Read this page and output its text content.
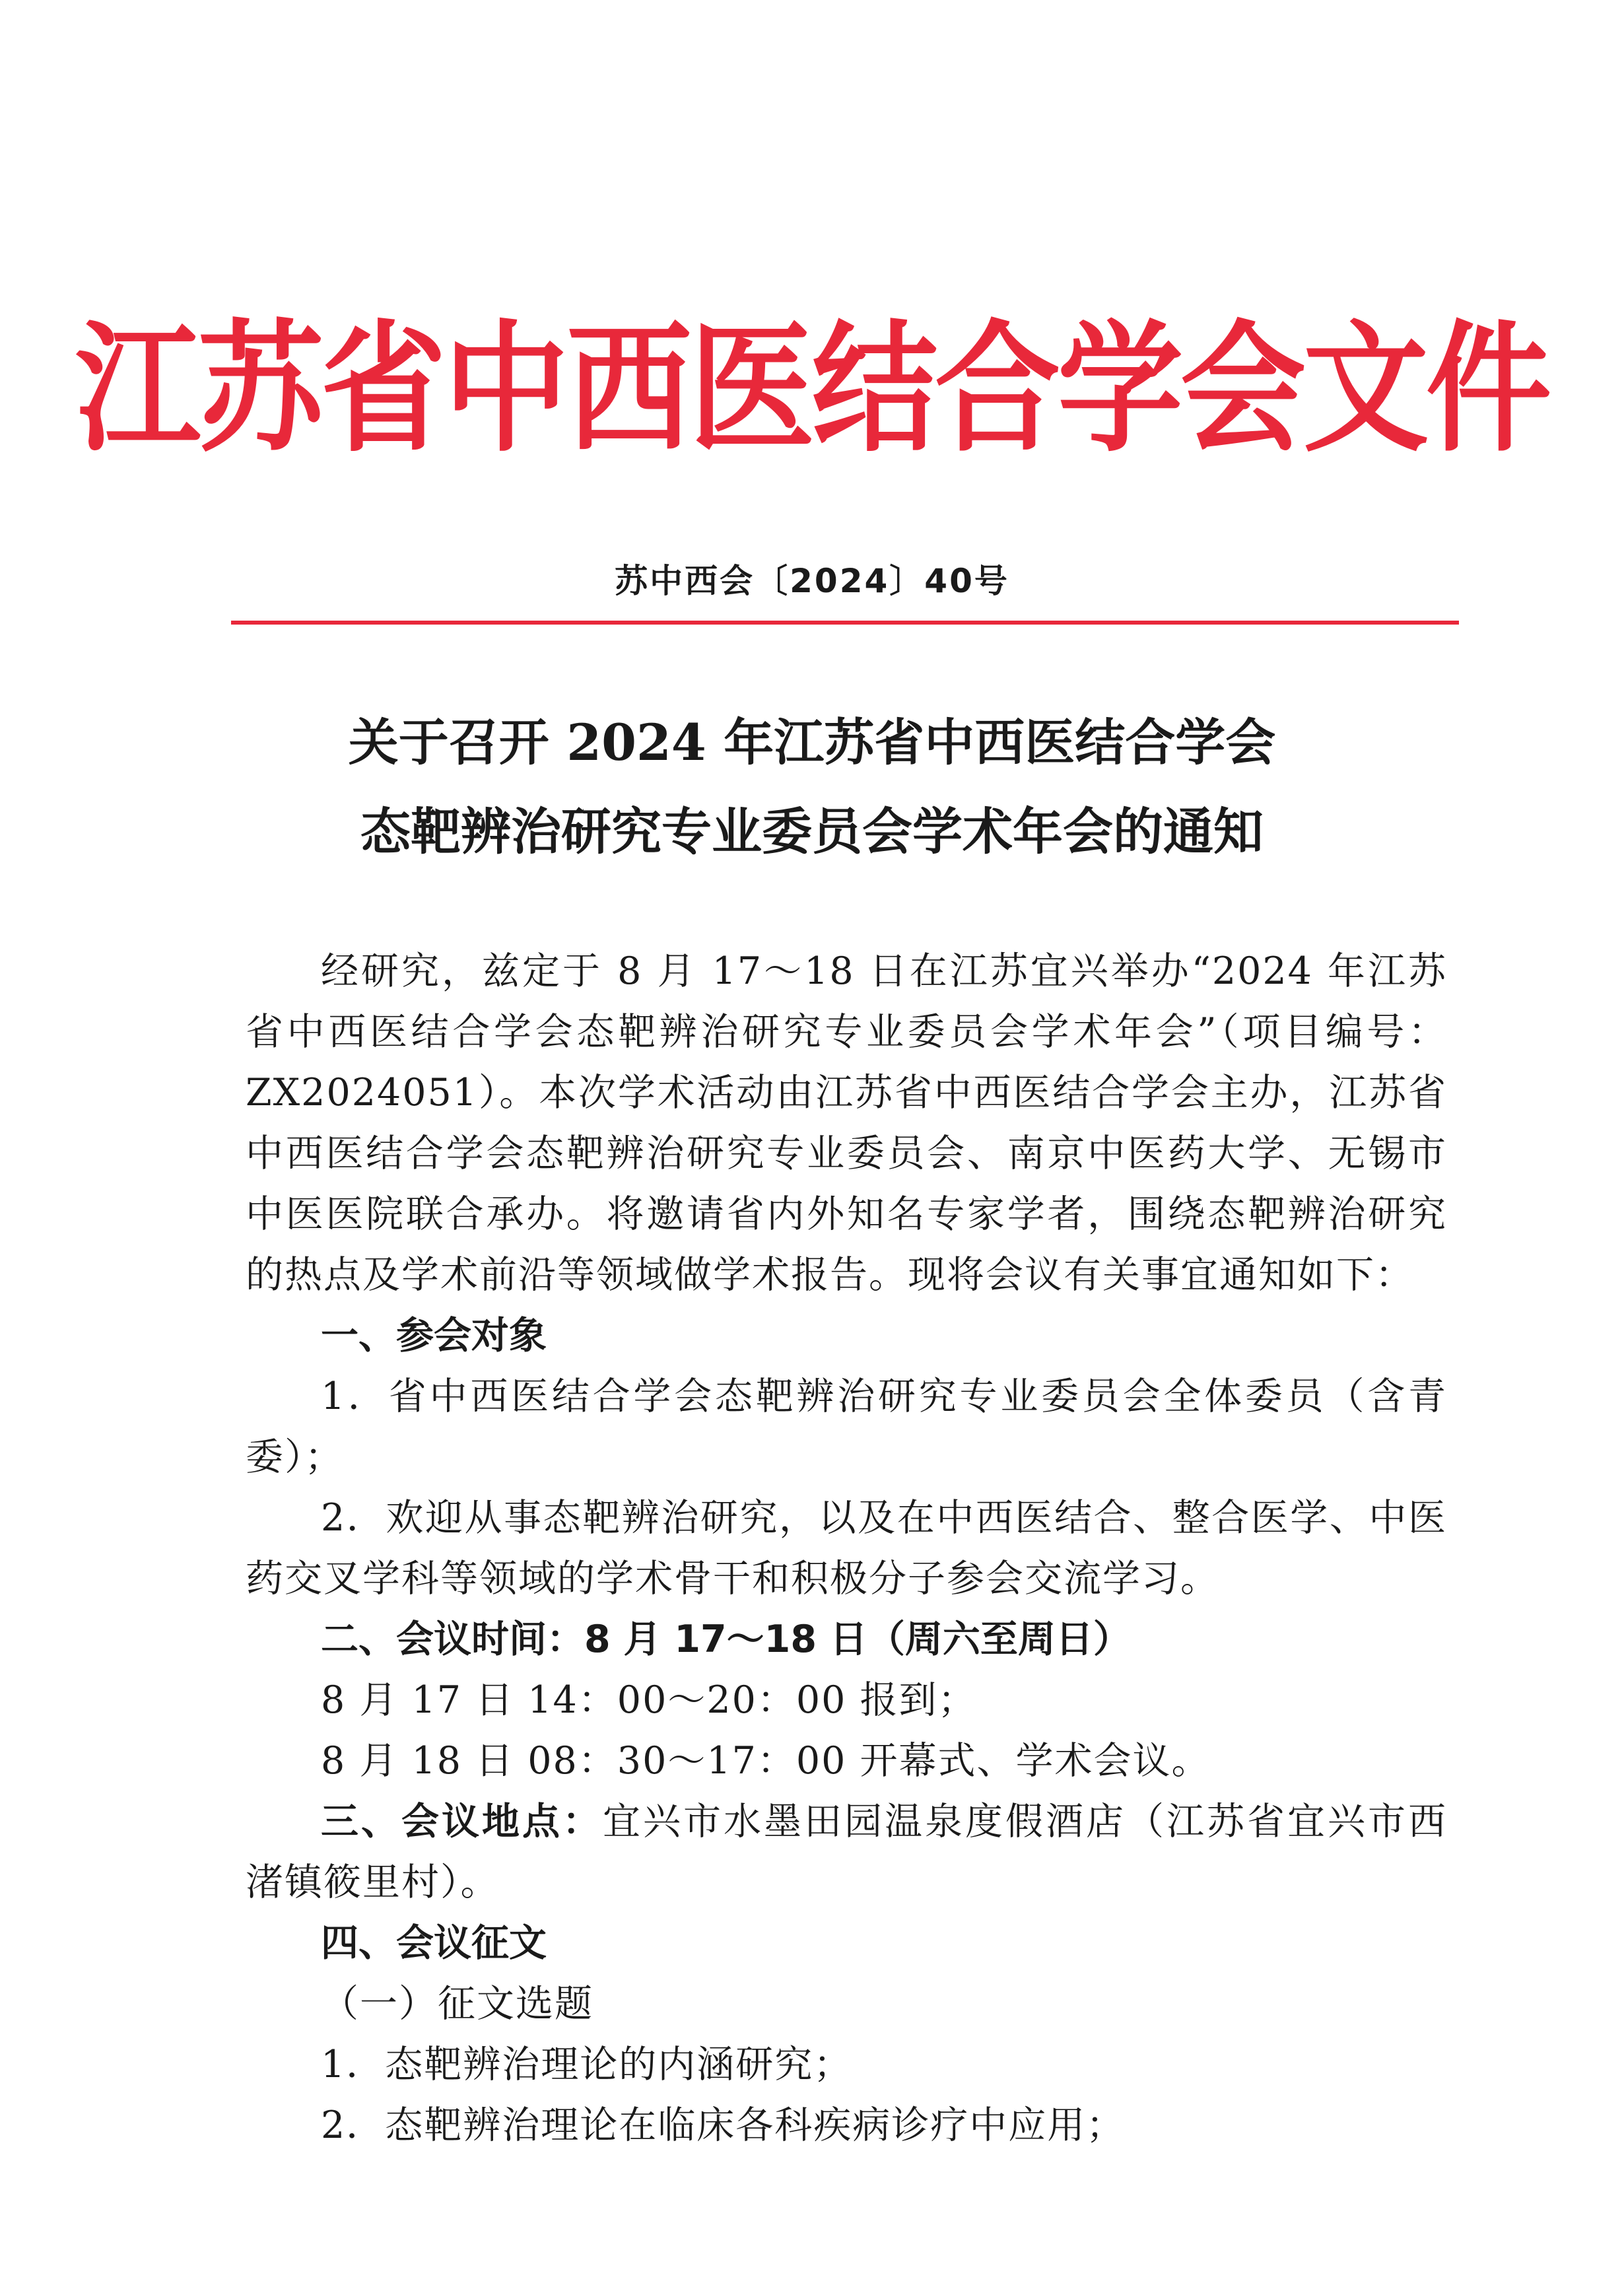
江苏省中西医结合学会文件
苏中西会〔2024〕40号
关于召开 2024 年江苏省中西医结合学会
态靶辨治研究专业委员会学术年会的通知

经研究，兹定于 8 月 17～18 日在江苏宜兴举办“2024 年江苏省中西医结合学会态靶辨治研究专业委员会学术年会”（项目编号：ZX2024051）。本次学术活动由江苏省中西医结合学会主办，江苏省中西医结合学会态靶辨治研究专业委员会、南京中医药大学、无锡市中医医院联合承办。将邀请省内外知名专家学者，围绕态靶辨治研究的热点及学术前沿等领域做学术报告。现将会议有关事宜通知如下：

一、参会对象

1．省中西医结合学会态靶辨治研究专业委员会全体委员（含青委）；

2．欢迎从事态靶辨治研究，以及在中西医结合、整合医学、中医药交叉学科等领域的学术骨干和积极分子参会交流学习。

二、会议时间：8 月 17～18 日（周六至周日）

8 月 17 日 14：00～20：00 报到；

8 月 18 日 08：30～17：00 开幕式、学术会议。

三、会议地点：宜兴市水墨田园温泉度假酒店（江苏省宜兴市西渚镇筱里村）。

四、会议征文

（一）征文选题

1．态靶辨治理论的内涵研究；

2．态靶辨治理论在临床各科疾病诊疗中应用；
